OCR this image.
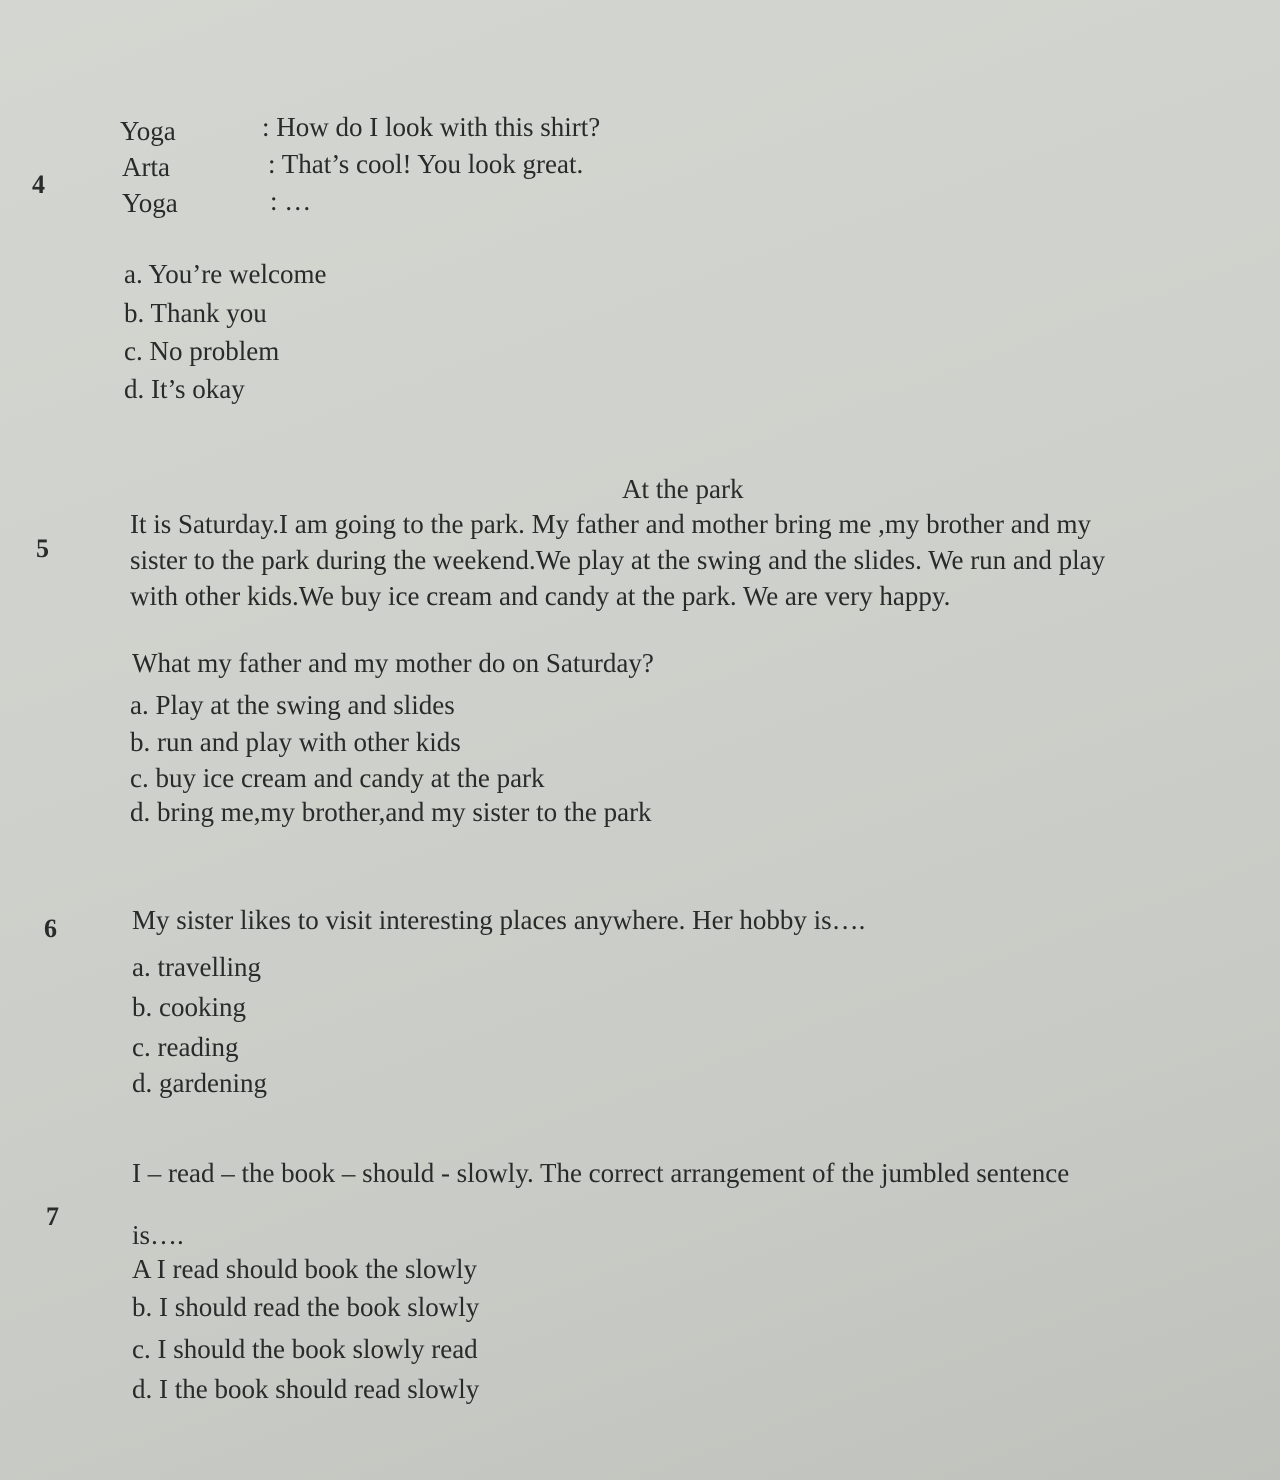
4
Yoga	: How do I look with this shirt?
Arta	: That’s cool! You look great.
Yoga	: …
a. You’re welcome
b. Thank you
c. No problem
d. It’s okay
At the park
5
It is Saturday.I am going to the park. My father and mother bring me ,my brother and my
sister to the park during the weekend.We play at the swing and the slides. We run and play
with other kids.We buy ice cream and candy at the park. We are very happy.
What my father and my mother do on Saturday?
a. Play at the swing and slides
b. run and play with other kids
c. buy ice cream and candy at the park
d. bring me,my brother,and my sister to the park
6	My sister likes to visit interesting places anywhere. Her hobby is….
a. travelling
b. cooking
c. reading
d. gardening
7
I – read – the book – should - slowly. The correct arrangement of the jumbled sentence
is….
A I read should book the slowly
b. I should read the book slowly
c. I should the book slowly read
d. I the book should read slowly
